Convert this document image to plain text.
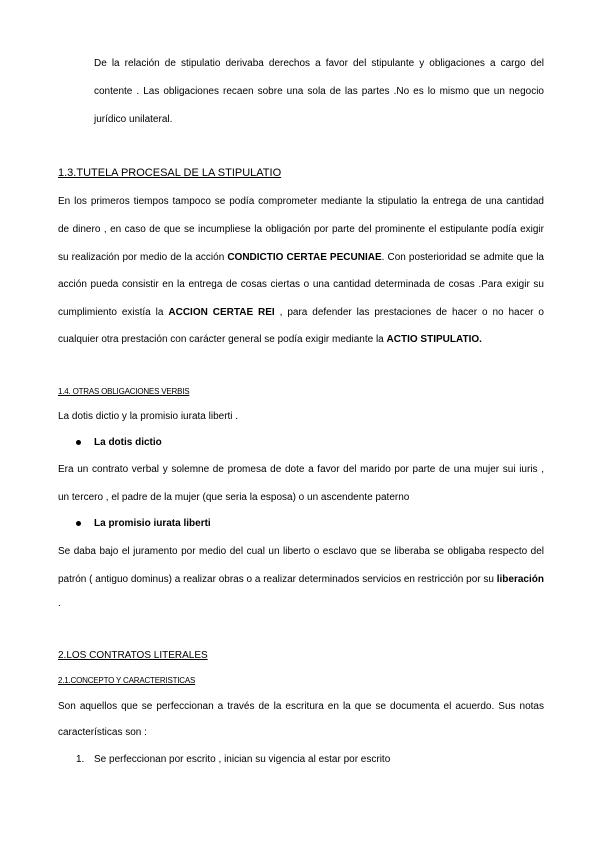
De la relación de stipulatio derivaba derechos a favor del stipulante y obligaciones a cargo del
contente . Las obligaciones recaen sobre una sola de las partes .No es lo mismo que un negocio
jurídico unilateral.
1.3.TUTELA PROCESAL DE LA STIPULATIO
En los primeros tiempos tampoco se podía comprometer mediante la stipulatio la entrega de una cantidad
de dinero , en caso de que se incumpliese la obligación por parte del prominente el estipulante podía exigir
su realización por medio de la acción CONDICTIO CERTAE PECUNIAE. Con posterioridad se admite que la
acción pueda consistir en la entrega de cosas ciertas o una cantidad determinada de cosas .Para exigir su
cumplimiento existía la ACCION CERTAE REI , para defender las prestaciones de hacer o no hacer o
cualquier otra prestación con carácter general se podía exigir mediante la ACTIO STIPULATIO.
1.4. OTRAS OBLIGACIONES VERBIS
La dotis dictio y la promisio iurata liberti .
La dotis dictio
Era un contrato verbal y solemne de promesa de dote a favor del marido por parte de una mujer sui iuris ,
un tercero , el padre de la mujer (que seria la esposa) o un ascendente paterno
La promisio iurata liberti
Se daba bajo el juramento por medio del cual un liberto o esclavo que se liberaba se obligaba respecto del
patrón ( antiguo dominus) a realizar obras o a realizar determinados servicios en restricción por su liberación
.
2.LOS CONTRATOS LITERALES
2.1.CONCEPTO Y CARACTERISTICAS
Son aquellos que se perfeccionan a través de la escritura en la que se documenta el acuerdo. Sus notas
características son :
1. Se perfeccionan por escrito , inician su vigencia al estar por escrito
